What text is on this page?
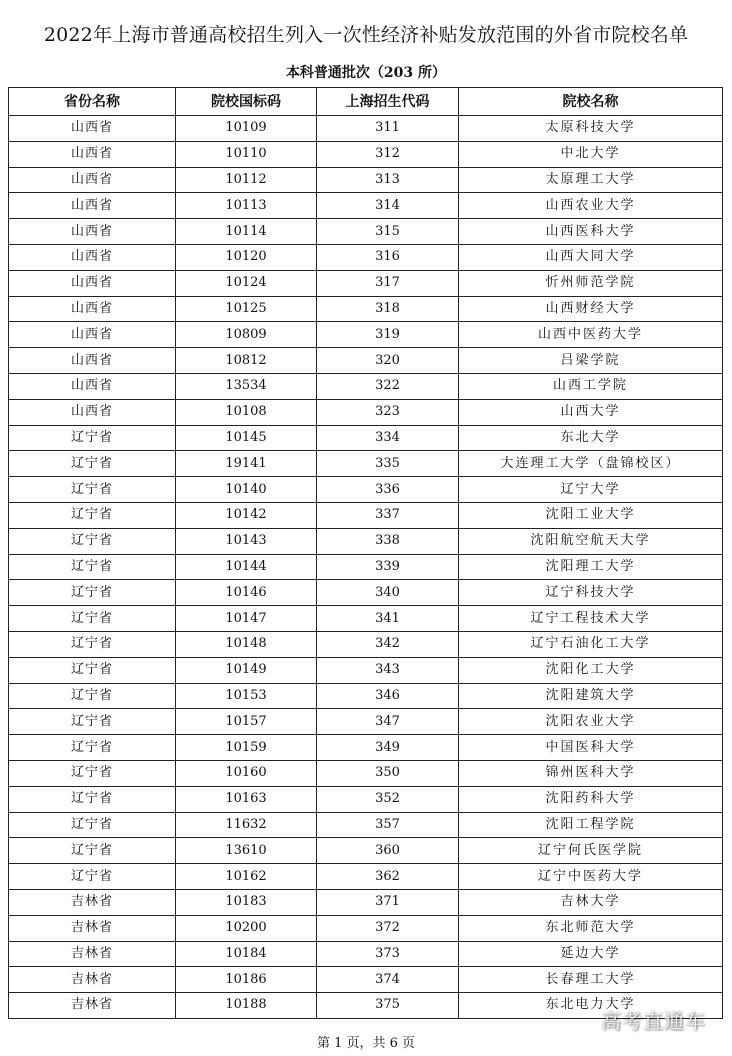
2022年上海市普通高校招生列入一次性经济补贴发放范围的外省市院校名单
本科普通批次（203 所）
省份名称	院校国标码	上海招生代码	院校名称
山西省	10109	311	太原科技大学
山西省	10110	312	中北大学
山西省	10112	313	太原理工大学
山西省	10113	314	山西农业大学
山西省	10114	315	山西医科大学
山西省	10120	316	山西大同大学
山西省	10124	317	忻州师范学院
山西省	10125	318	山西财经大学
山西省	10809	319	山西中医药大学
山西省	10812	320	吕梁学院
山西省	13534	322	山西工学院
山西省	10108	323	山西大学
辽宁省	10145	334	东北大学
辽宁省	19141	335	大连理工大学（盘锦校区）
辽宁省	10140	336	辽宁大学
辽宁省	10142	337	沈阳工业大学
辽宁省	10143	338	沈阳航空航天大学
辽宁省	10144	339	沈阳理工大学
辽宁省	10146	340	辽宁科技大学
辽宁省	10147	341	辽宁工程技术大学
辽宁省	10148	342	辽宁石油化工大学
辽宁省	10149	343	沈阳化工大学
辽宁省	10153	346	沈阳建筑大学
辽宁省	10157	347	沈阳农业大学
辽宁省	10159	349	中国医科大学
辽宁省	10160	350	锦州医科大学
辽宁省	10163	352	沈阳药科大学
辽宁省	11632	357	沈阳工程学院
辽宁省	13610	360	辽宁何氏医学院
辽宁省	10162	362	辽宁中医药大学
吉林省	10183	371	吉林大学
吉林省	10200	372	东北师范大学
吉林省	10184	373	延边大学
吉林省	10186	374	长春理工大学
吉林省	10188	375	东北电力大学
第 1 页，共 6 页
高考直通车
